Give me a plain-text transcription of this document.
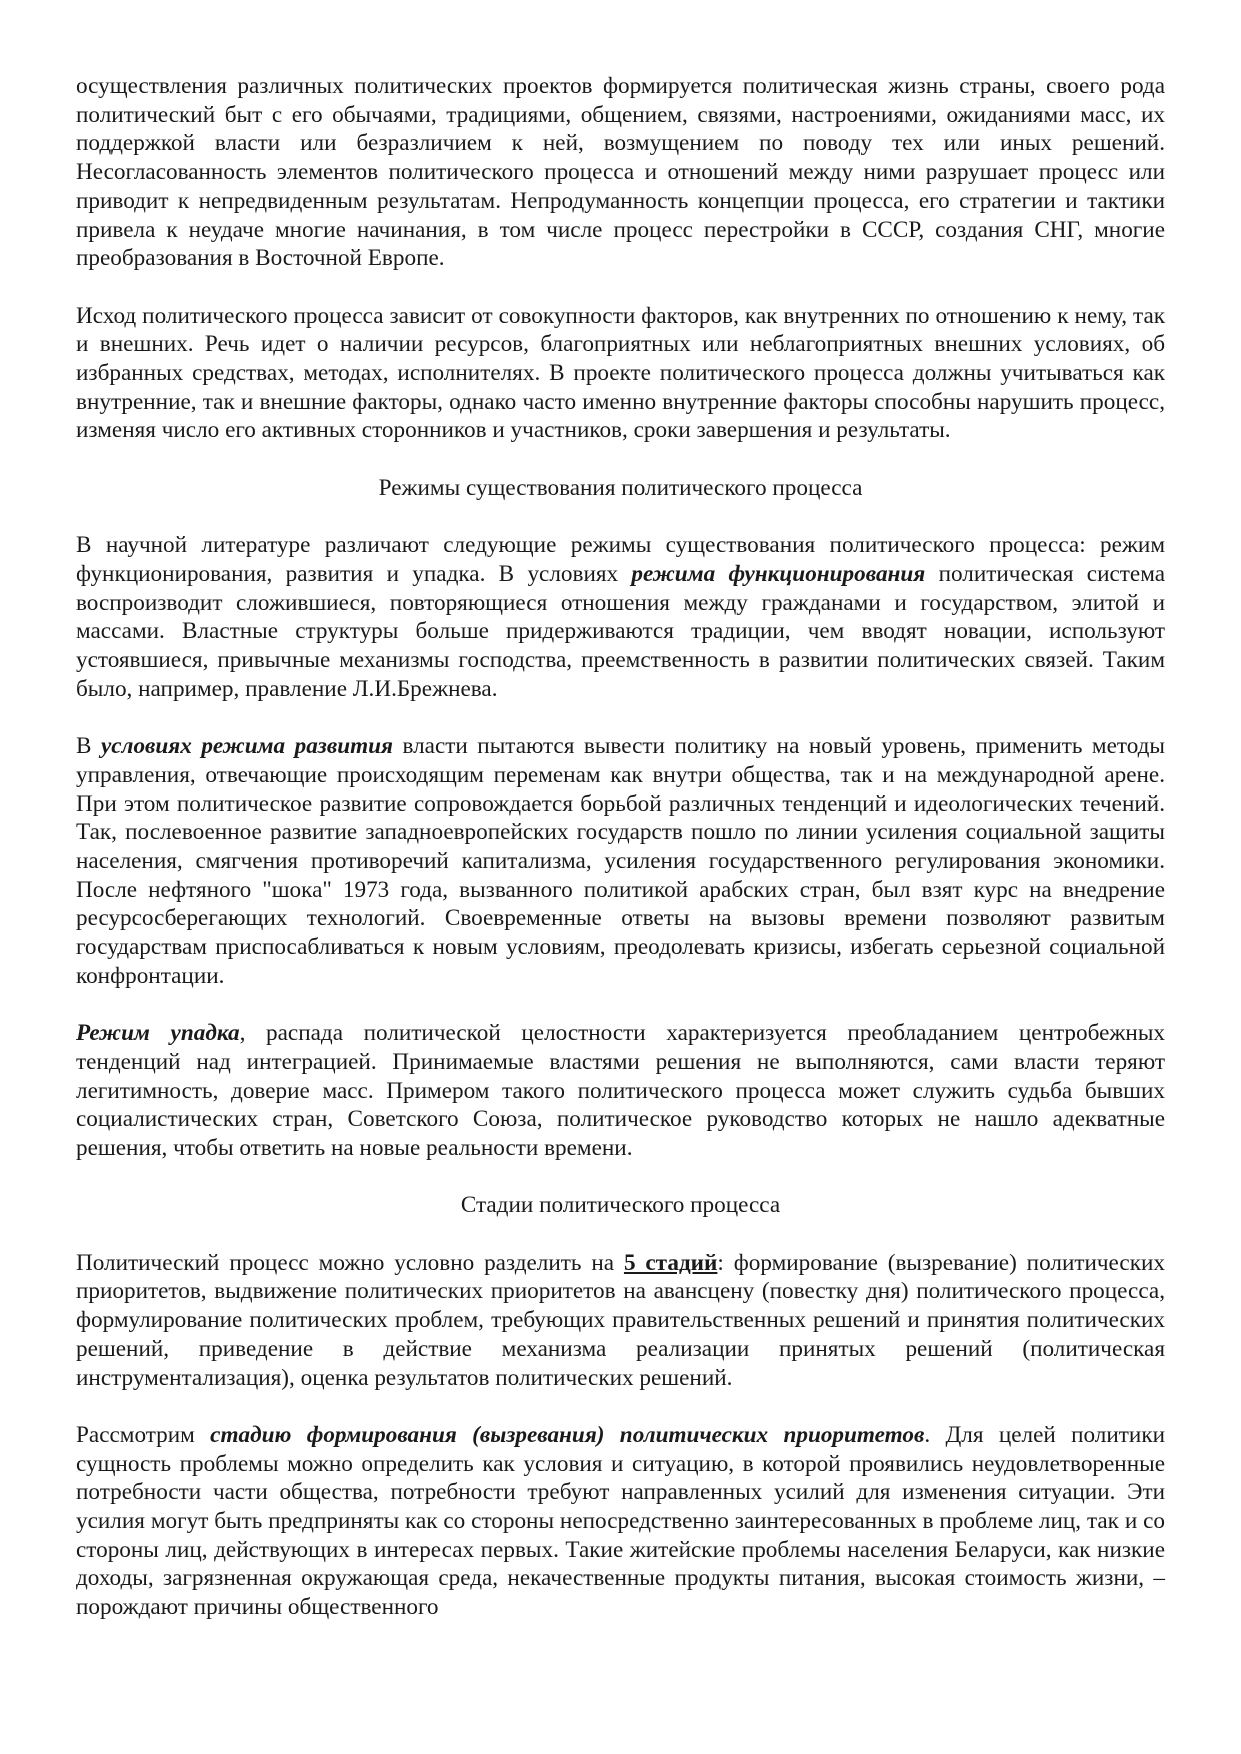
осуществления различных политических проектов формируется политическая жизнь страны, своего рода политический быт с его обычаями, традициями, общением, связями, настроениями, ожиданиями масс, их поддержкой власти или безразличием к ней, возмущением по поводу тех или иных решений. Несогласованность элементов политического процесса и отношений между ними разрушает процесс или приводит к непредвиденным результатам. Непродуманность концепции процесса, его стратегии и тактики привела к неудаче многие начинания, в том числе процесс перестройки в СССР, создания СНГ, многие преобразования в Восточной Европе.

Исход политического процесса зависит от совокупности факторов, как внутренних по отношению к нему, так и внешних. Речь идет о наличии ресурсов, благоприятных или неблагоприятных внешних условиях, об избранных средствах, методах, исполнителях. В проекте политического процесса должны учитываться как внутренние, так и внешние факторы, однако часто именно внутренние факторы способны нарушить процесс, изменяя число его активных сторонников и участников, сроки завершения и результаты.

Режимы существования политического процесса

В научной литературе различают следующие режимы существования политического процесса: режим функционирования, развития и упадка. В условиях режима функционирования политическая система воспроизводит сложившиеся, повторяющиеся отношения между гражданами и государством, элитой и массами. Властные структуры больше придерживаются традиции, чем вводят новации, используют устоявшиеся, привычные механизмы господства, преемственность в развитии политических связей. Таким было, например, правление Л.И.Брежнева.

В условиях режима развития власти пытаются вывести политику на новый уровень, применить методы управления, отвечающие происходящим переменам как внутри общества, так и на международной арене. При этом политическое развитие сопровождается борьбой различных тенденций и идеологических течений. Так, послевоенное развитие западноевропейских государств пошло по линии усиления социальной защиты населения, смягчения противоречий капитализма, усиления государственного регулирования экономики. После нефтяного "шока" 1973 года, вызванного политикой арабских стран, был взят курс на внедрение ресурсосберегающих технологий. Своевременные ответы на вызовы времени позволяют развитым государствам приспосабливаться к новым условиям, преодолевать кризисы, избегать серьезной социальной конфронтации.

Режим упадка, распада политической целостности характеризуется преобладанием центробежных тенденций над интеграцией. Принимаемые властями решения не выполняются, сами власти теряют легитимность, доверие масс. Примером такого политического процесса может служить судьба бывших социалистических стран, Советского Союза, политическое руководство которых не нашло адекватные решения, чтобы ответить на новые реальности времени.

Стадии политического процесса

Политический процесс можно условно разделить на 5 стадий: формирование (вызревание) политических приоритетов, выдвижение политических приоритетов на авансцену (повестку дня) политического процесса, формулирование политических проблем, требующих правительственных решений и принятия политических решений, приведение в действие механизма реализации принятых решений (политическая инструментализация), оценка результатов политических решений.

Рассмотрим стадию формирования (вызревания) политических приоритетов. Для целей политики сущность проблемы можно определить как условия и ситуацию, в которой проявились неудовлетворенные потребности части общества, потребности требуют направленных усилий для изменения ситуации. Эти усилия могут быть предприняты как со стороны непосредственно заинтересованных в проблеме лиц, так и со стороны лиц, действующих в интересах первых. Такие житейские проблемы населения Беларуси, как низкие доходы, загрязненная окружающая среда, некачественные продукты питания, высокая стоимость жизни, – порождают причины общественного
